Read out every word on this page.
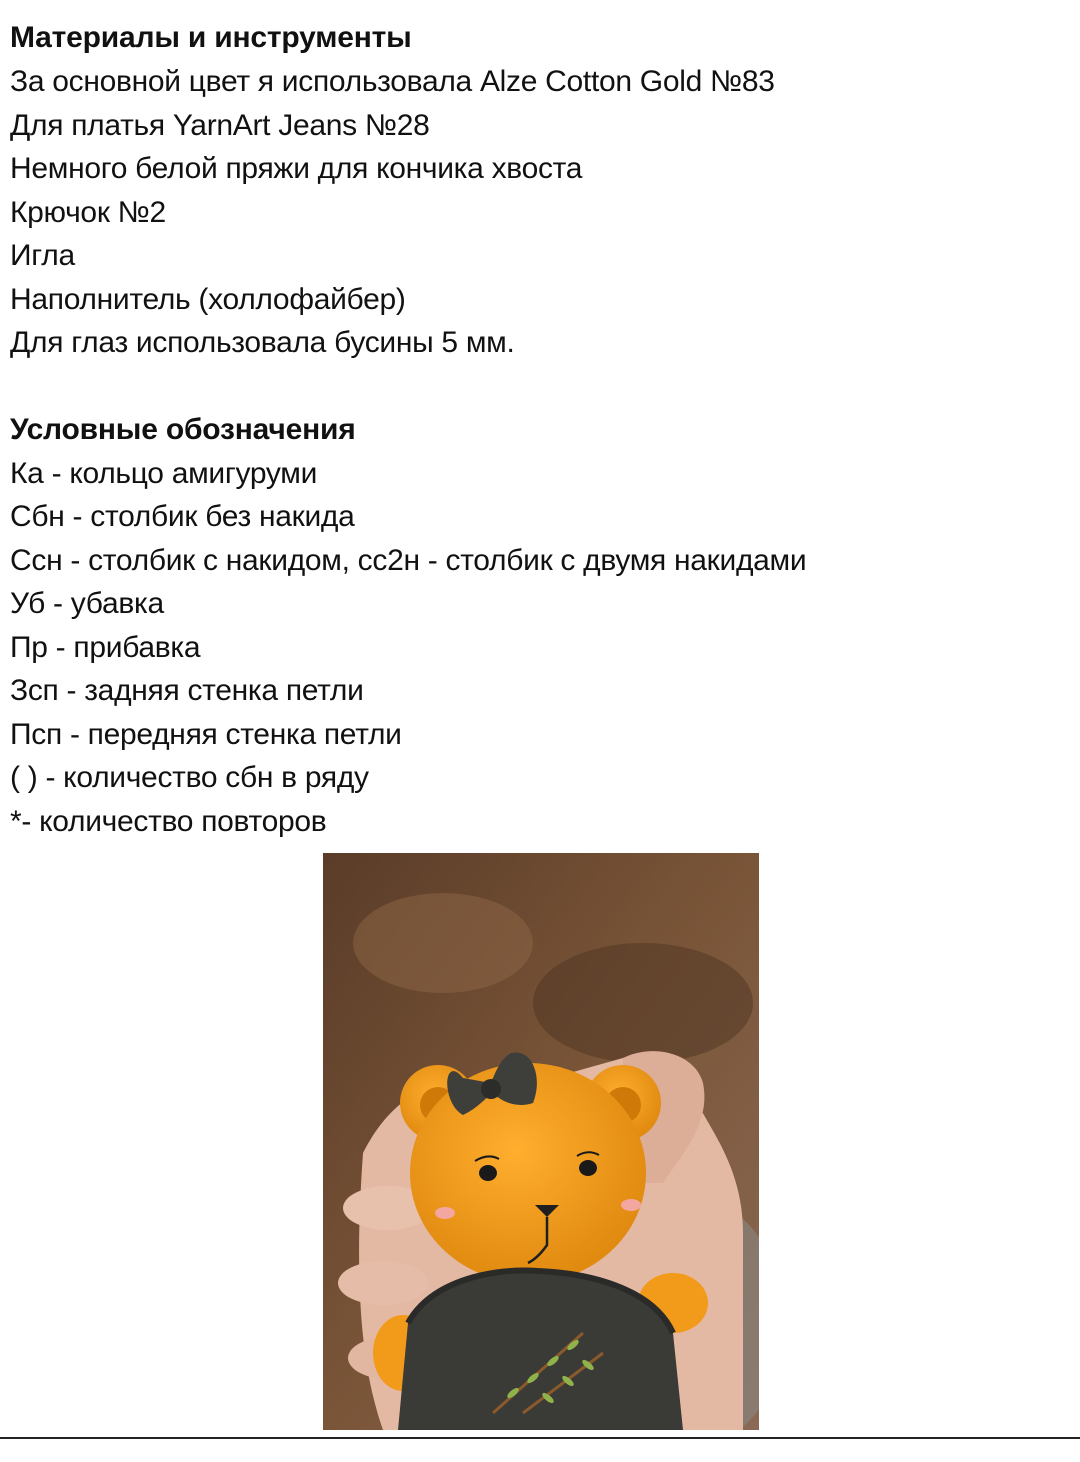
Материалы и инструменты

За основной цвет я использовала Alze Cotton Gold №83

Для платья YarnArt Jeans №28

Немного белой пряжи для кончика хвоста

Крючок №2

Игла

Наполнитель (холлофайбер)

Для глаз использовала бусины 5 мм.

Условные обозначения

Ка - кольцо амигуруми

Сбн - столбик без накида

Ссн - столбик с накидом, сс2н - столбик с двумя накидами

Уб - убавка

Пр - прибавка

Зсп - задняя стенка петли

Псп - передняя стенка петли

( ) - количество сбн в ряду

*- количество повторов
